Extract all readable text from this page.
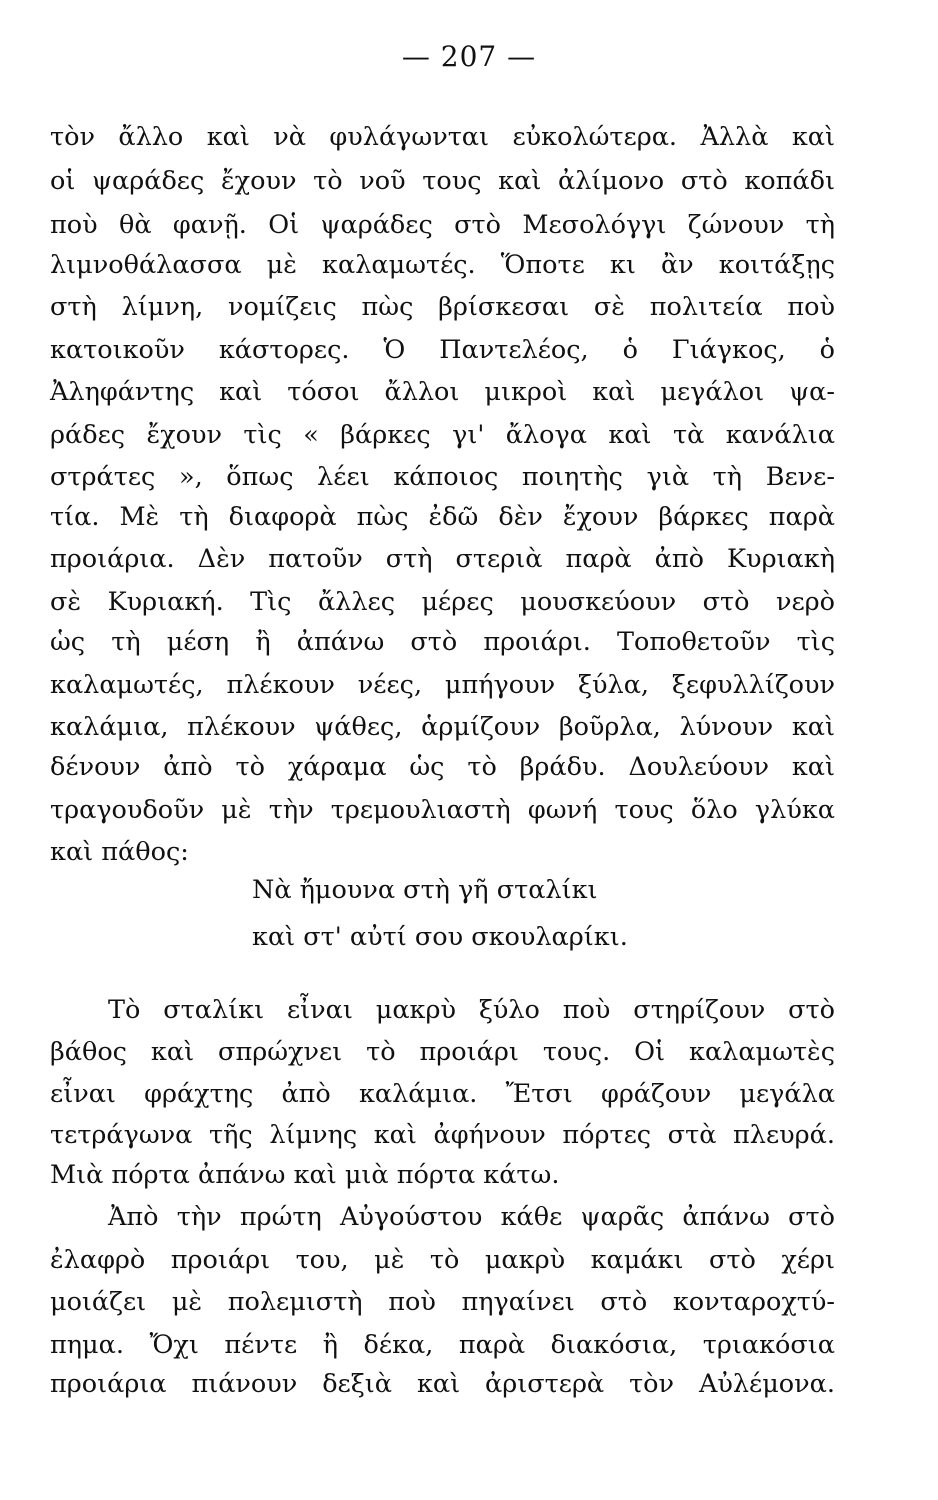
— 207 —
τὸν ἄλλο καὶ νὰ φυλάγωνται εὐκολώτερα. Ἀλλὰ καὶ
οἱ ψαράδες ἔχουν τὸ νοῦ τους καὶ ἀλίμονο στὸ κοπάδι
ποὺ θὰ φανῇ. Οἱ ψαράδες στὸ Μεσολόγγι ζώνουν τὴ
λιμνοθάλασσα μὲ καλαμωτές. Ὅποτε κι ἂν κοιτάξῃς
στὴ λίμνη, νομίζεις πὼς βρίσκεσαι σὲ πολιτεία ποὺ
κατοικοῦν κάστορες. Ὁ Παντελέος, ὁ Γιάγκος, ὁ
Ἀληφάντης καὶ τόσοι ἄλλοι μικροὶ καὶ μεγάλοι ψα-
ράδες ἔχουν τὶς « βάρκες γι' ἄλογα καὶ τὰ κανάλια
στράτες », ὅπως λέει κάποιος ποιητὴς γιὰ τὴ Βενε-
τία. Μὲ τὴ διαφορὰ πὼς ἐδῶ δὲν ἔχουν βάρκες παρὰ
προιάρια. Δὲν πατοῦν στὴ στεριὰ παρὰ ἀπὸ Κυριακὴ
σὲ Κυριακή. Τὶς ἄλλες μέρες μουσκεύουν στὸ νερὸ
ὡς τὴ μέση ἢ ἀπάνω στὸ προιάρι. Τοποθετοῦν τὶς
καλαμωτές, πλέκουν νέες, μπήγουν ξύλα, ξεφυλλίζουν
καλάμια, πλέκουν ψάθες, ἁρμίζουν βοῦρλα, λύνουν καὶ
δένουν ἀπὸ τὸ χάραμα ὡς τὸ βράδυ. Δουλεύουν καὶ
τραγουδοῦν μὲ τὴν τρεμουλιαστὴ φωνή τους ὅλο γλύκα
καὶ πάθος:
Νὰ ἤμουνα στὴ γῆ σταλίκι
καὶ στ' αὐτί σου σκουλαρίκι.
Τὸ σταλίκι εἶναι μακρὺ ξύλο ποὺ στηρίζουν στὸ
βάθος καὶ σπρώχνει τὸ προιάρι τους. Οἱ καλαμωτὲς
εἶναι φράχτης ἀπὸ καλάμια. Ἔτσι φράζουν μεγάλα
τετράγωνα τῆς λίμνης καὶ ἀφήνουν πόρτες στὰ πλευρά.
Μιὰ πόρτα ἀπάνω καὶ μιὰ πόρτα κάτω.
Ἀπὸ τὴν πρώτη Αὐγούστου κάθε ψαρᾶς ἀπάνω στὸ
ἐλαφρὸ προιάρι του, μὲ τὸ μακρὺ καμάκι στὸ χέρι
μοιάζει μὲ πολεμιστὴ ποὺ πηγαίνει στὸ κονταροχτύ-
πημα. Ὄχι πέντε ἢ δέκα, παρὰ διακόσια, τριακόσια
προιάρια πιάνουν δεξιὰ καὶ ἀριστερὰ τὸν Αὐλέμονα.
